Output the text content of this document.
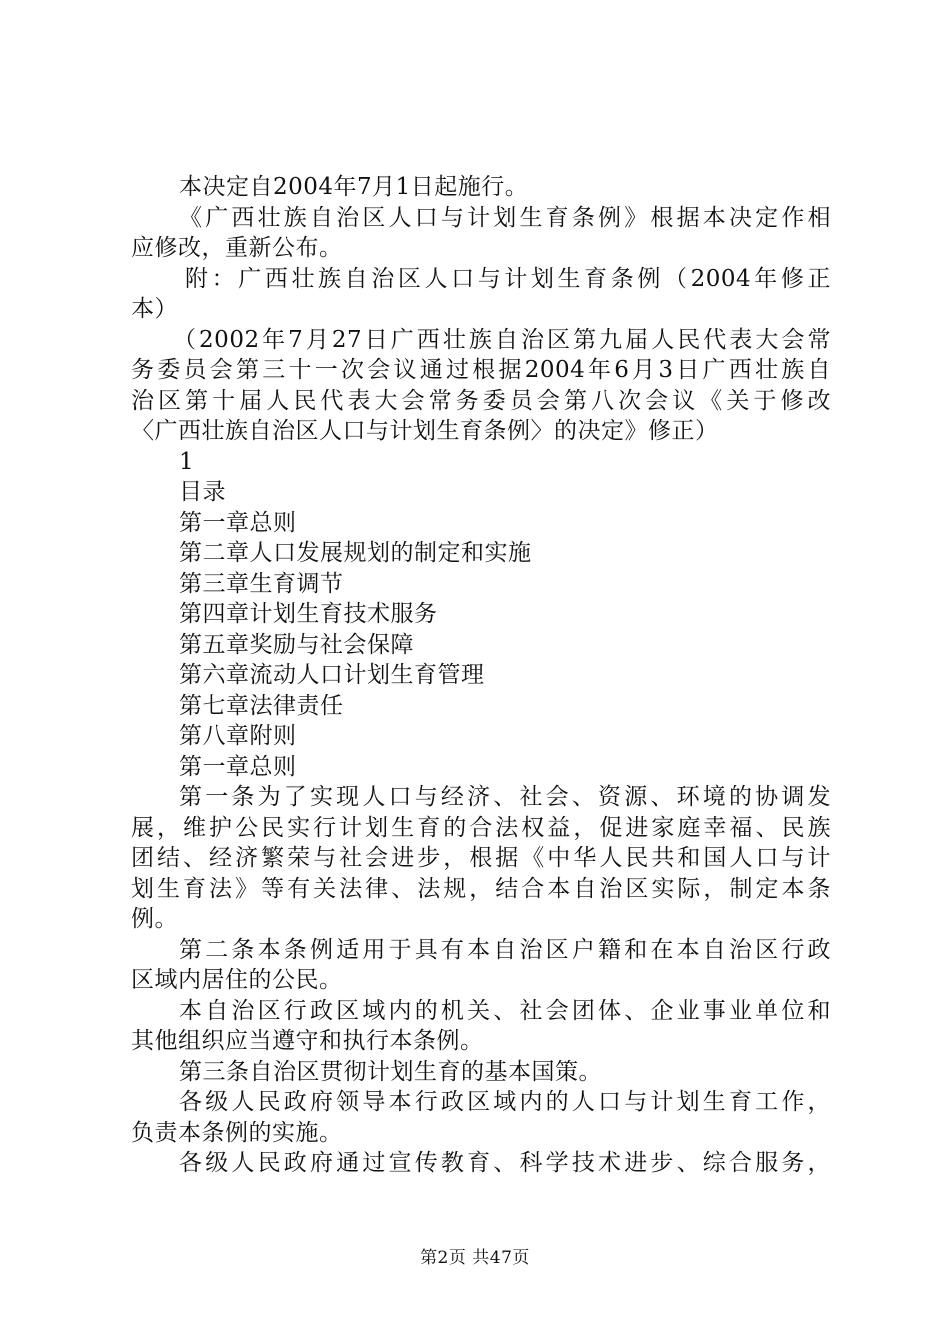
本决定自2004年7月1日起施行。
《广西壮族自治区人口与计划生育条例》根据本决定作相
应修改，重新公布。
附：广西壮族自治区人口与计划生育条例（2004年修正
本）
（2002年7月27日广西壮族自治区第九届人民代表大会常
务委员会第三十一次会议通过根据2004年6月3日广西壮族自
治区第十届人民代表大会常务委员会第八次会议《关于修改
〈广西壮族自治区人口与计划生育条例〉的决定》修正）
1
目录
第一章总则
第二章人口发展规划的制定和实施
第三章生育调节
第四章计划生育技术服务
第五章奖励与社会保障
第六章流动人口计划生育管理
第七章法律责任
第八章附则
第一章总则
第一条为了实现人口与经济、社会、资源、环境的协调发
展，维护公民实行计划生育的合法权益，促进家庭幸福、民族
团结、经济繁荣与社会进步，根据《中华人民共和国人口与计
划生育法》等有关法律、法规，结合本自治区实际，制定本条
例。
第二条本条例适用于具有本自治区户籍和在本自治区行政
区域内居住的公民。
本自治区行政区域内的机关、社会团体、企业事业单位和
其他组织应当遵守和执行本条例。
第三条自治区贯彻计划生育的基本国策。
各级人民政府领导本行政区域内的人口与计划生育工作，
负责本条例的实施。
各级人民政府通过宣传教育、科学技术进步、综合服务，
第2页 共47页
